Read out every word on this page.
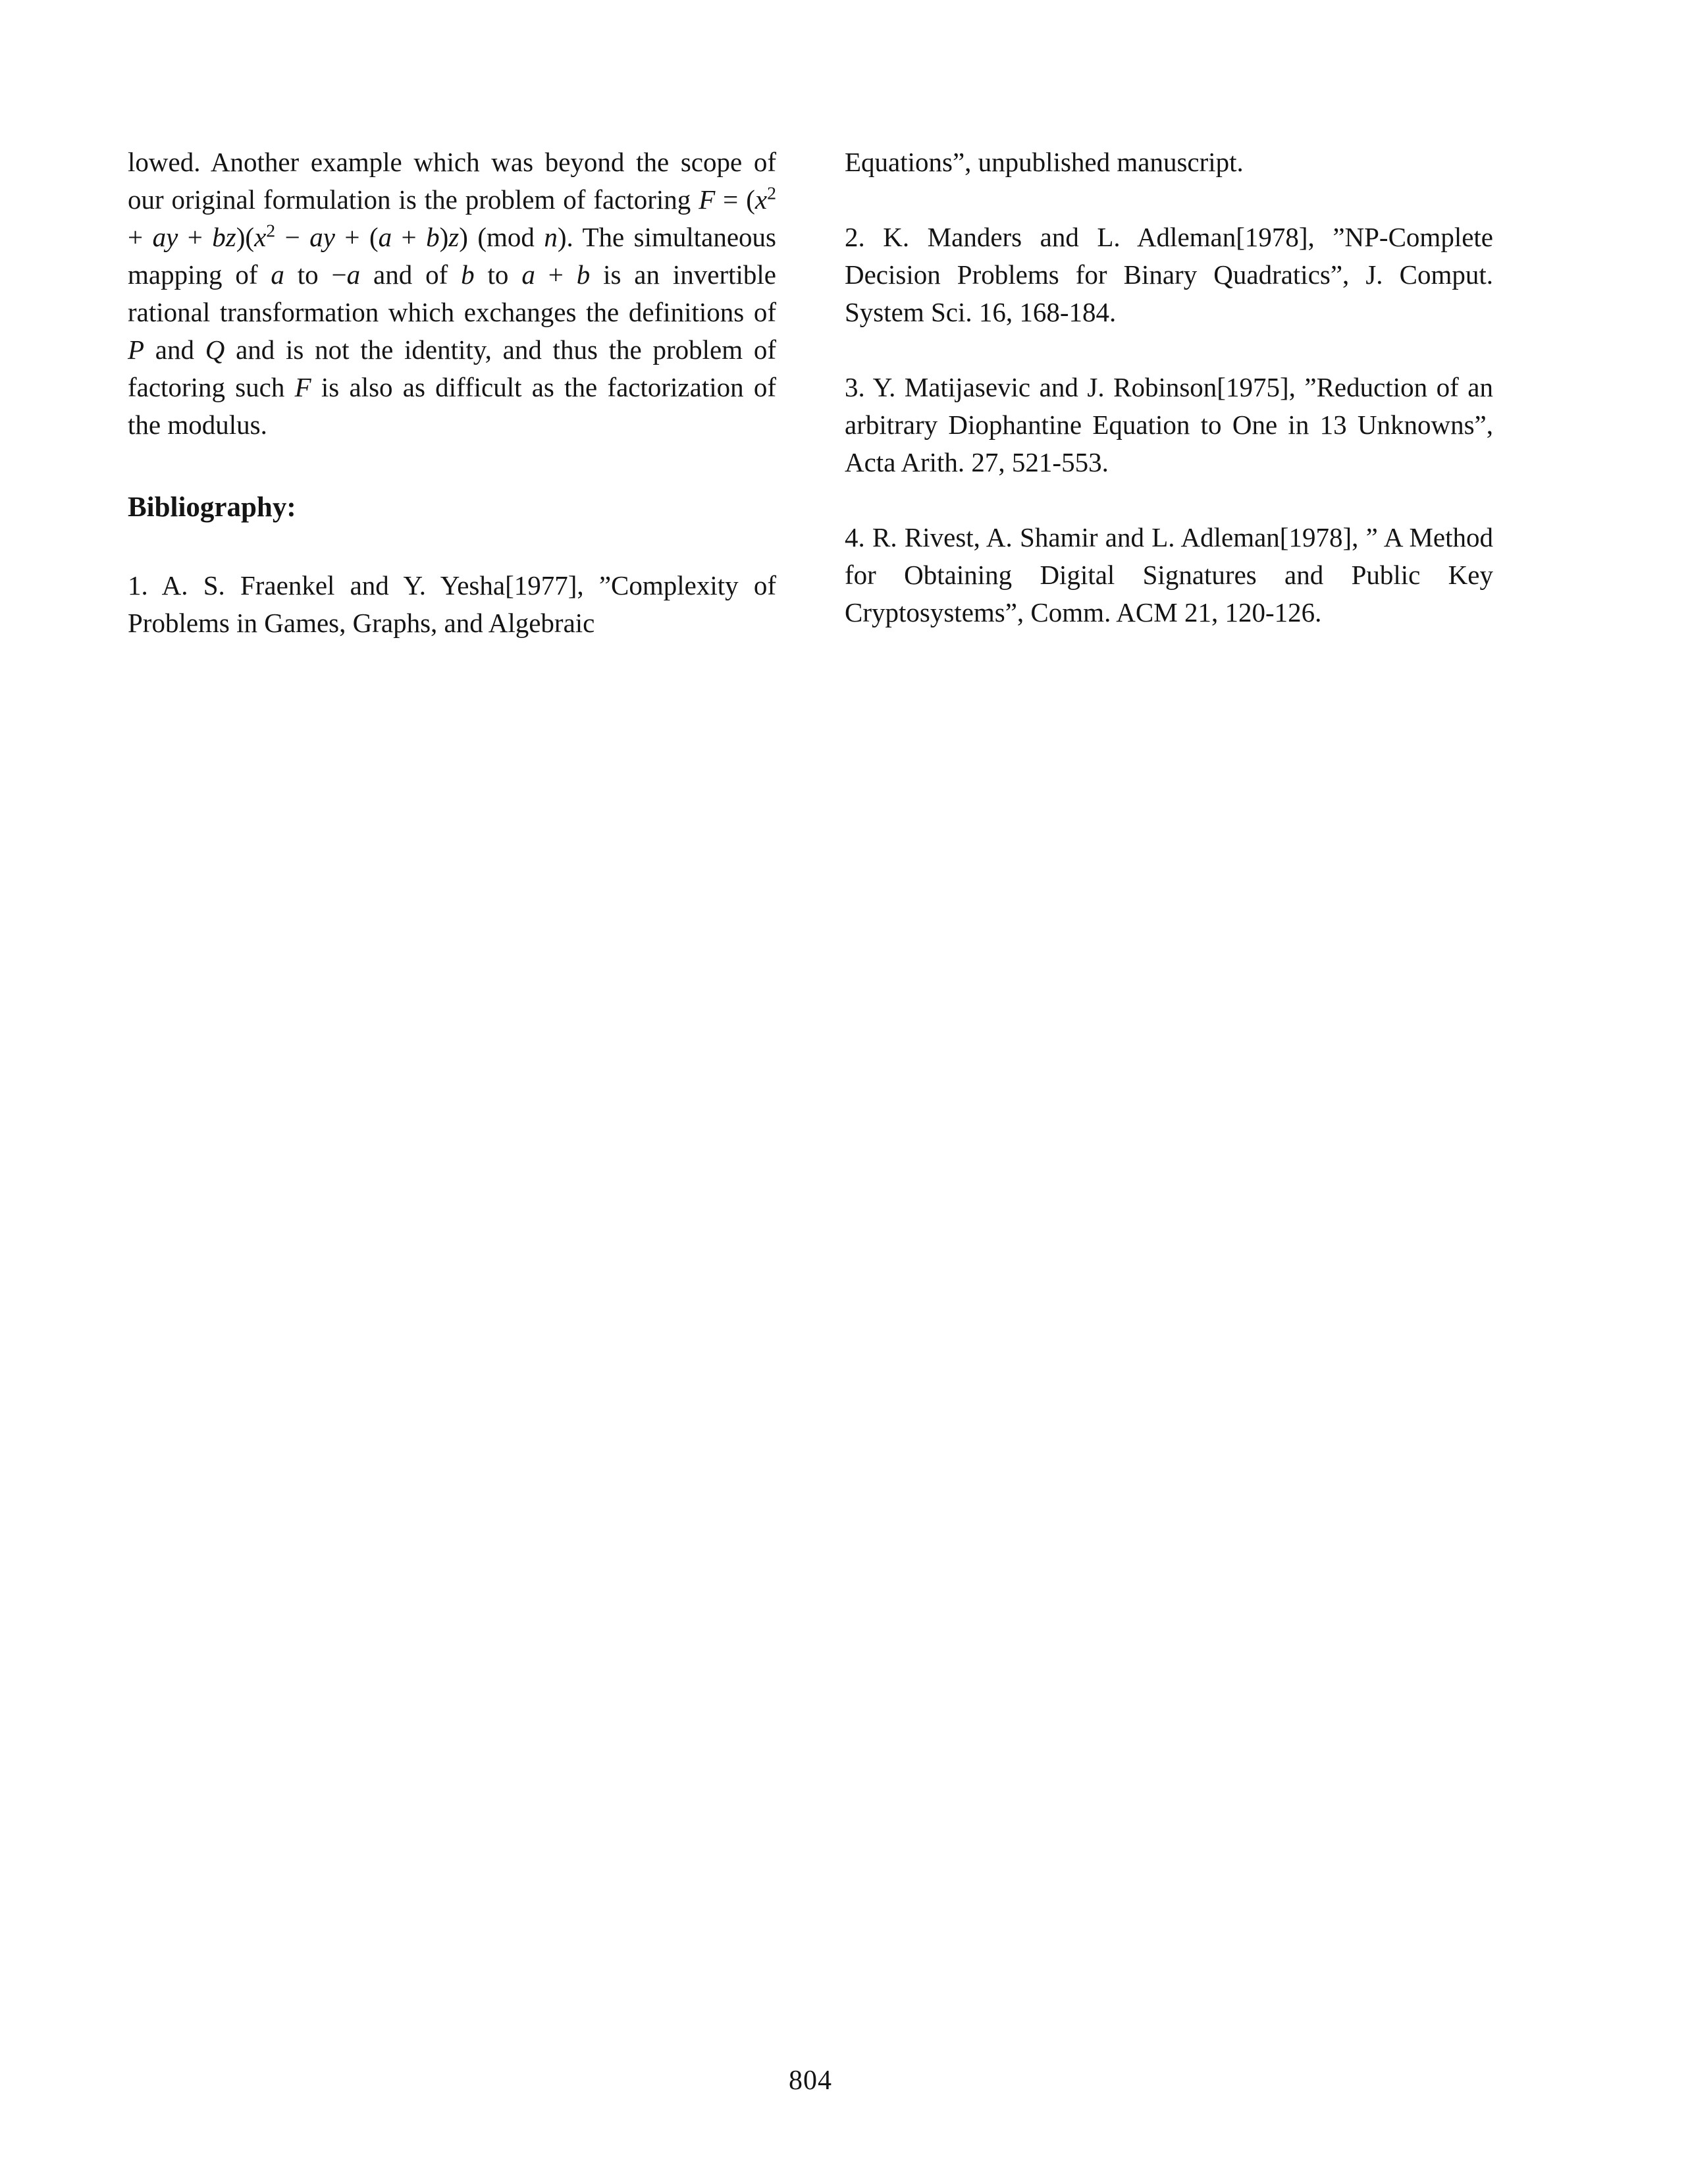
lowed. Another example which was beyond the scope of our original formulation is the problem of factoring $F = (x^2$ + ay + $bz)(x^2$ − ay + (a + b)z) (mod n). The simultaneous mapping of a to −a and of b to a + b is an invertible rational transformation which exchanges the definitions of P and Q and is not the identity, and thus the problem of factoring such F is also as difficult as the factorization of the modulus.

Bibliography:

1. A. S. Fraenkel and Y. Yesha[1977], ”Complexity of Problems in Games, Graphs, and Algebraic

Equations”, unpublished manuscript.

2. K. Manders and L. Adleman[1978], ”NP-Complete Decision Problems for Binary Quadratics”, J. Comput. System Sci. 16, 168-184.

3. Y. Matijasevic and J. Robinson[1975], ”Reduction of an arbitrary Diophantine Equation to One in 13 Unknowns”, Acta Arith. 27, 521-553.

4. R. Rivest, A. Shamir and L. Adleman[1978], ” A Method for Obtaining Digital Signatures and Public Key Cryptosystems”, Comm. ACM 21, 120-126.

804
